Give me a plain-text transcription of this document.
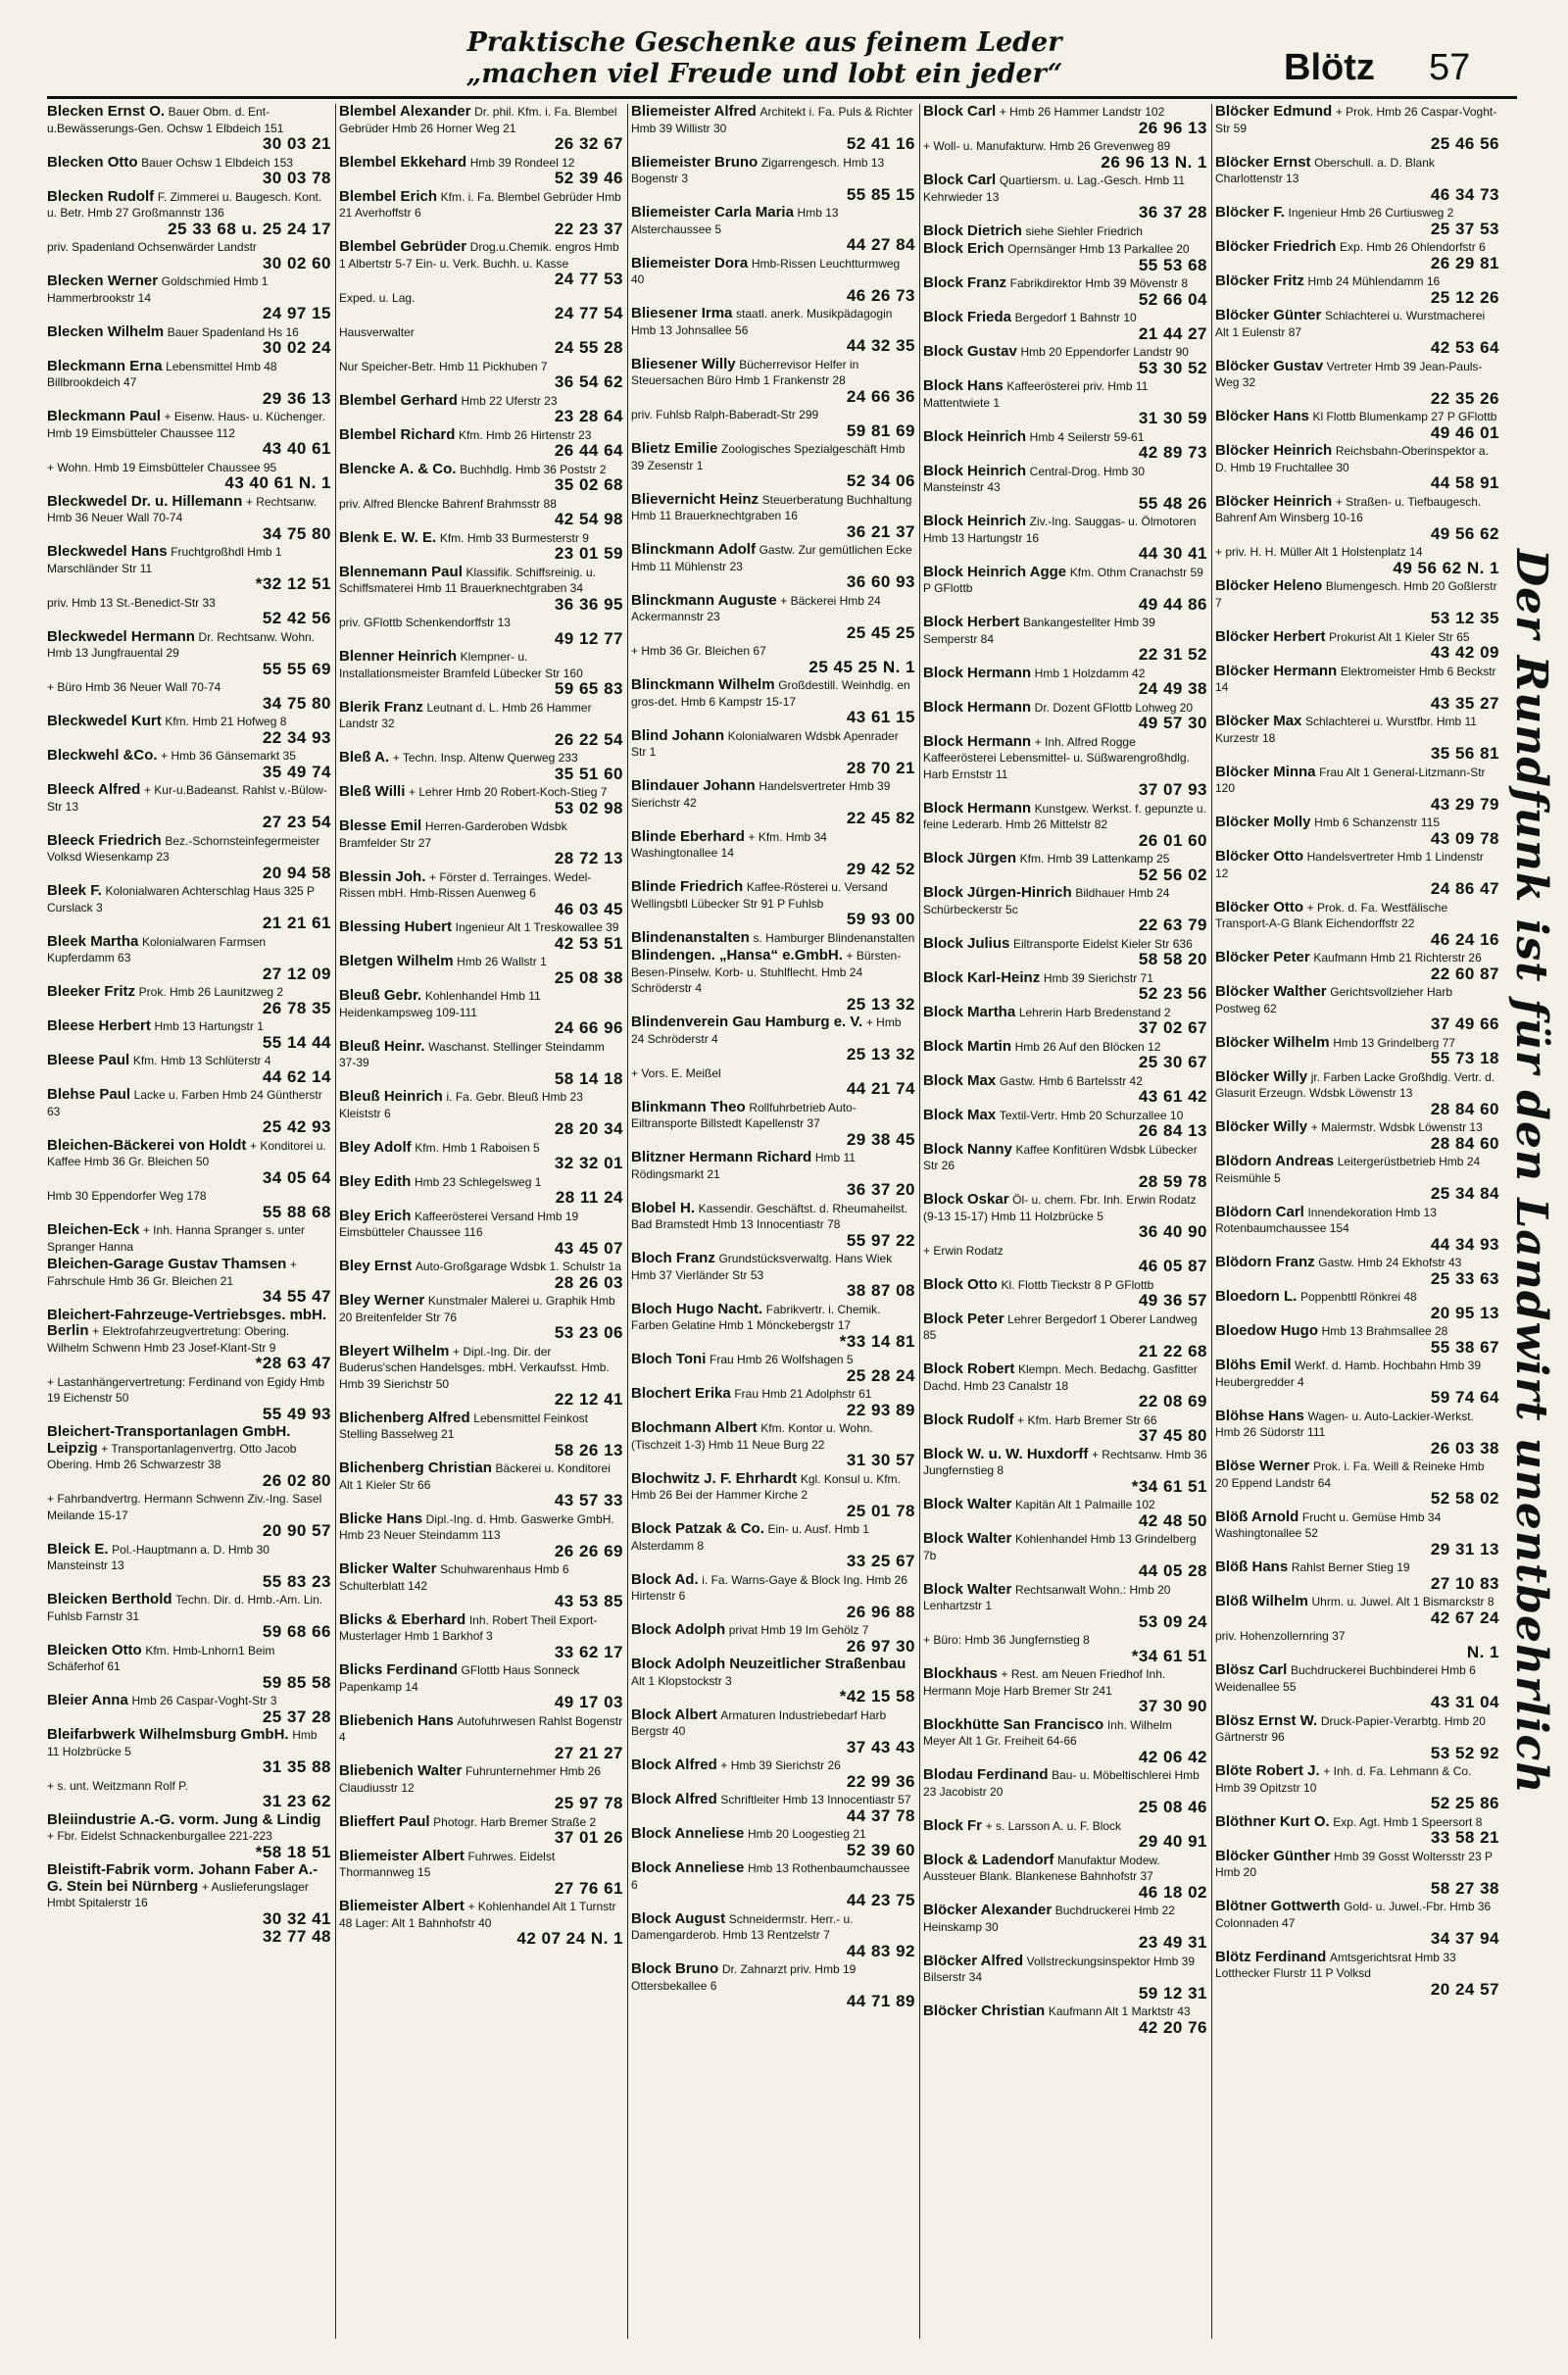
Praktische Geschenke aus feinem Leder
„machen viel Freude und lobt ein jeder“	Blötz 57
Blecken Ernst O. Bauer Obm. d. Ent-u.Bewässerungs-Gen. Ochsw 1 Elbdeich 151
30 03 21
Blecken Otto Bauer Ochsw 1 Elbdeich 153
30 03 78
Blecken Rudolf F. Zimmerei u. Baugesch. Kont. u. Betr. Hmb 27 Großmannstr 136
25 33 68 u. 25 24 17
priv. Spadenland Ochsenwärder Landstr
30 02 60
Blecken Werner Goldschmied Hmb 1 Hammerbrookstr 14
24 97 15
Blecken Wilhelm Bauer Spadenland Hs 16
30 02 24
Bleckmann Erna Lebensmittel Hmb 48 Billbrookdeich 47
29 36 13
Bleckmann Paul + Eisenw. Haus- u. Küchenger. Hmb 19 Eimsbütteler Chaussee 112
43 40 61
+ Wohn. Hmb 19 Eimsbütteler Chaussee 95
43 40 61 N. 1
Bleckwedel Dr. u. Hillemann + Rechtsanw. Hmb 36 Neuer Wall 70-74
34 75 80
Bleckwedel Hans Fruchtgroßhdl Hmb 1 Marschländer Str 11
*32 12 51
priv. Hmb 13 St.-Benedict-Str 33
52 42 56
Bleckwedel Hermann Dr. Rechtsanw. Wohn. Hmb 13 Jungfrauental 29
55 55 69
+ Büro Hmb 36 Neuer Wall 70-74
34 75 80
Bleckwedel Kurt Kfm. Hmb 21 Hofweg 8
22 34 93
Bleckwehl &Co. + Hmb 36 Gänsemarkt 35
35 49 74
Bleeck Alfred + Kur-u.Badeanst. Rahlst v.-Bülow-Str 13
27 23 54
Bleeck Friedrich Bez.-Schornsteinfegermeister Volksd Wiesenkamp 23
20 94 58
Bleek F. Kolonialwaren Achterschlag Haus 325 P Curslack 3
21 21 61
Bleek Martha Kolonialwaren Farmsen Kupferdamm 63
27 12 09
Bleeker Fritz Prok. Hmb 26 Launitzweg 2
26 78 35
Bleese Herbert Hmb 13 Hartungstr 1
55 14 44
Bleese Paul Kfm. Hmb 13 Schlüterstr 4
44 62 14
Blehse Paul Lacke u. Farben Hmb 24 Güntherstr 63
25 42 93
Bleichen-Bäckerei von Holdt + Konditorei u. Kaffee Hmb 36 Gr. Bleichen 50
34 05 64
Hmb 30 Eppendorfer Weg 178
55 88 68
Bleichen-Eck + Inh. Hanna Spranger s. unter Spranger Hanna
Bleichen-Garage Gustav Thamsen + Fahrschule Hmb 36 Gr. Bleichen 21
34 55 47
Bleichert-Fahrzeuge-Vertriebsges. mbH. Berlin + Elektrofahrzeugvertretung: Obering. Wilhelm Schwenn Hmb 23 Josef-Klant-Str 9
*28 63 47
+ Lastanhängervertretung: Ferdinand von Egidy Hmb 19 Eichenstr 50
55 49 93
Bleichert-Transportanlagen GmbH. Leipzig + Transportanlagenvertrg. Otto Jacob Obering. Hmb 26 Schwarzestr 38
26 02 80
+ Fahrbandvertrg. Hermann Schwenn Ziv.-Ing. Sasel Meilande 15-17
20 90 57
Bleick E. Pol.-Hauptmann a. D. Hmb 30 Mansteinstr 13
55 83 23
Bleicken Berthold Techn. Dir. d. Hmb.-Am. Lin. Fuhlsb Farnstr 31
59 68 66
Bleicken Otto Kfm. Hmb-Lnhorn1 Beim Schäferhof 61
59 85 58
Bleier Anna Hmb 26 Caspar-Voght-Str 3
25 37 28
Bleifarbwerk Wilhelmsburg GmbH. Hmb 11 Holzbrücke 5
31 35 88
+ s. unt. Weitzmann Rolf P.
31 23 62
Bleiindustrie A.-G. vorm. Jung & Lindig + Fbr. Eidelst Schnackenburgallee 221-223
*58 18 51
Bleistift-Fabrik vorm. Johann Faber A.-G. Stein bei Nürnberg + Auslieferungslager Hmbt Spitalerstr 16
30 32 41
32 77 48
Blembel Alexander Dr. phil. Kfm. i. Fa. Blembel Gebrüder Hmb 26 Horner Weg 21
26 32 67
Blembel Ekkehard Hmb 39 Rondeel 12
52 39 46
Blembel Erich Kfm. i. Fa. Blembel Gebrüder Hmb 21 Averhoffstr 6
22 23 37
Blembel Gebrüder Drog.u.Chemik. engros Hmb 1 Albertstr 5-7 Ein- u. Verk. Buchh. u. Kasse
24 77 53
Exped. u. Lag.
24 77 54
Hausverwalter
24 55 28
Nur Speicher-Betr. Hmb 11 Pickhuben 7
36 54 62
Blembel Gerhard Hmb 22 Uferstr 23
23 28 64
Blembel Richard Kfm. Hmb 26 Hirtenstr 23
26 44 64
Blencke A. & Co. Buchhdlg. Hmb 36 Poststr 2
35 02 68
priv. Alfred Blencke Bahrenf Brahmsstr 88
42 54 98
Blenk E. W. E. Kfm. Hmb 33 Burmesterstr 9
23 01 59
Blennemann Paul Klassifik. Schiffsreinig. u. Schiffsmaterei Hmb 11 Brauerknechtgraben 34
36 36 95
priv. GFlottb Schenkendorffstr 13
49 12 77
Blenner Heinrich Klempner- u. Installationsmeister Bramfeld Lübecker Str 160
59 65 83
Blerik Franz Leutnant d. L. Hmb 26 Hammer Landstr 32
26 22 54
Bleß A. + Techn. Insp. Altenw Querweg 233
35 51 60
Bleß Willi + Lehrer Hmb 20 Robert-Koch-Stieg 7
53 02 98
Blesse Emil Herren-Garderoben Wdsbk Bramfelder Str 27
28 72 13
Blessin Joh. + Förster d. Terrainges. Wedel-Rissen mbH. Hmb-Rissen Auenweg 6
46 03 45
Blessing Hubert Ingenieur Alt 1 Treskowallee 39
42 53 51
Bletgen Wilhelm Hmb 26 Wallstr 1
25 08 38
Bleuß Gebr. Kohlenhandel Hmb 11 Heidenkampsweg 109-111
24 66 96
Bleuß Heinr. Waschanst. Stellinger Steindamm 37-39
58 14 18
Bleuß Heinrich i. Fa. Gebr. Bleuß Hmb 23 Kleiststr 6
28 20 34
Bley Adolf Kfm. Hmb 1 Raboisen 5
32 32 01
Bley Edith Hmb 23 Schlegelsweg 1
28 11 24
Bley Erich Kaffeerösterei Versand Hmb 19 Eimsbütteler Chaussee 116
43 45 07
Bley Ernst Auto-Großgarage Wdsbk 1. Schulstr 1a
28 26 03
Bley Werner Kunstmaler Malerei u. Graphik Hmb 20 Breitenfelder Str 76
53 23 06
Bleyert Wilhelm + Dipl.-Ing. Dir. der Buderus'schen Handelsges. mbH. Verkaufsst. Hmb. Hmb 39 Sierichstr 50
22 12 41
Blichenberg Alfred Lebensmittel Feinkost Stelling Basselweg 21
58 26 13
Blichenberg Christian Bäckerei u. Konditorei Alt 1 Kieler Str 66
43 57 33
Blicke Hans Dipl.-Ing. d. Hmb. Gaswerke GmbH. Hmb 23 Neuer Steindamm 113
26 26 69
Blicker Walter Schuhwarenhaus Hmb 6 Schulterblatt 142
43 53 85
Blicks & Eberhard Inh. Robert Theil Export-Musterlager Hmb 1 Barkhof 3
33 62 17
Blicks Ferdinand GFlottb Haus Sonneck Papenkamp 14
49 17 03
Bliebenich Hans Autofuhrwesen Rahlst Bogenstr 4
27 21 27
Bliebenich Walter Fuhrunternehmer Hmb 26 Claudiusstr 12
25 97 78
Blieffert Paul Photogr. Harb Bremer Straße 2
37 01 26
Bliemeister Albert Fuhrwes. Eidelst Thormannweg 15
27 76 61
Bliemeister Albert + Kohlenhandel Alt 1 Turnstr 48 Lager: Alt 1 Bahnhofstr 40
42 07 24 N. 1
Bliemeister Alfred Architekt i. Fa. Puls & Richter Hmb 39 Willistr 30
52 41 16
Bliemeister Bruno Zigarrengesch. Hmb 13 Bogenstr 3
55 85 15
Bliemeister Carla Maria Hmb 13 Alsterchaussee 5
44 27 84
Bliemeister Dora Hmb-Rissen Leuchtturmweg 40
46 26 73
Bliesener Irma staatl. anerk. Musikpädagogin Hmb 13 Johnsallee 56
44 32 35
Bliesener Willy Bücherrevisor Helfer in Steuersachen Büro Hmb 1 Frankenstr 28
24 66 36
priv. Fuhlsb Ralph-Baberadt-Str 299
59 81 69
Blietz Emilie Zoologisches Spezialgeschäft Hmb 39 Zesenstr 1
52 34 06
Blievernicht Heinz Steuerberatung Buchhaltung Hmb 11 Brauerknechtgraben 16
36 21 37
Blinckmann Adolf Gastw. Zur gemütlichen Ecke Hmb 11 Mühlenstr 23
36 60 93
Blinckmann Auguste + Bäckerei Hmb 24 Ackermannstr 23
25 45 25
+ Hmb 36 Gr. Bleichen 67
25 45 25 N. 1
Blinckmann Wilhelm Großdestill. Weinhdlg. en gros-det. Hmb 6 Kampstr 15-17
43 61 15
Blind Johann Kolonialwaren Wdsbk Apenrader Str 1
28 70 21
Blindauer Johann Handelsvertreter Hmb 39 Sierichstr 42
22 45 82
Blinde Eberhard + Kfm. Hmb 34 Washingtonallee 14
29 42 52
Blinde Friedrich Kaffee-Rösterei u. Versand Wellingsbtl Lübecker Str 91 P Fuhlsb
59 93 00
Blindenanstalten s. Hamburger Blindenanstalten
Blindengen. „Hansa“ e.GmbH. + Bürsten-Besen-Pinselw. Korb- u. Stuhlflecht. Hmb 24 Schröderstr 4
25 13 32
Blindenverein Gau Hamburg e. V. + Hmb 24 Schröderstr 4
25 13 32
+ Vors. E. Meißel
44 21 74
Blinkmann Theo Rollfuhrbetrieb Auto-Eiltransporte Billstedt Kapellenstr 37
29 38 45
Blitzner Hermann Richard Hmb 11 Rödingsmarkt 21
36 37 20
Blobel H. Kassendir. Geschäftst. d. Rheumaheilst. Bad Bramstedt Hmb 13 Innocentiastr 78
55 97 22
Bloch Franz Grundstücksverwaltg. Hans Wiek Hmb 37 Vierländer Str 53
38 87 08
Bloch Hugo Nacht. Fabrikvertr. i. Chemik. Farben Gelatine Hmb 1 Mönckebergstr 17
*33 14 81
Bloch Toni Frau Hmb 26 Wolfshagen 5
25 28 24
Blochert Erika Frau Hmb 21 Adolphstr 61
22 93 89
Blochmann Albert Kfm. Kontor u. Wohn. (Tischzeit 1-3) Hmb 11 Neue Burg 22
31 30 57
Blochwitz J. F. Ehrhardt Kgl. Konsul u. Kfm. Hmb 26 Bei der Hammer Kirche 2
25 01 78
Block Patzak & Co. Ein- u. Ausf. Hmb 1 Alsterdamm 8
33 25 67
Block Ad. i. Fa. Warns-Gaye & Block Ing. Hmb 26 Hirtenstr 6
26 96 88
Block Adolph privat Hmb 19 Im Gehölz 7
26 97 30
Block Adolph Neuzeitlicher Straßenbau Alt 1 Klopstockstr 3
*42 15 58
Block Albert Armaturen Industriebedarf Harb Bergstr 40
37 43 43
Block Alfred + Hmb 39 Sierichstr 26
22 99 36
Block Alfred Schriftleiter Hmb 13 Innocentiastr 57
44 37 78
Block Anneliese Hmb 20 Loogestieg 21
52 39 60
Block Anneliese Hmb 13 Rothenbaumchaussee 6
44 23 75
Block August Schneidermstr. Herr.- u. Damengarderob. Hmb 13 Rentzelstr 7
44 83 92
Block Bruno Dr. Zahnarzt priv. Hmb 19 Ottersbekallee 6
44 71 89
Block Carl + Hmb 26 Hammer Landstr 102
26 96 13
+ Woll- u. Manufakturw. Hmb 26 Grevenweg 89
26 96 13 N. 1
Block Carl Quartiersm. u. Lag.-Gesch. Hmb 11 Kehrwieder 13
36 37 28
Block Dietrich siehe Siehler Friedrich
Block Erich Opernsänger Hmb 13 Parkallee 20
55 53 68
Block Franz Fabrikdirektor Hmb 39 Mövenstr 8
52 66 04
Block Frieda Bergedorf 1 Bahnstr 10
21 44 27
Block Gustav Hmb 20 Eppendorfer Landstr 90
53 30 52
Block Hans Kaffeerösterei priv. Hmb 11 Mattentwiete 1
31 30 59
Block Heinrich Hmb 4 Seilerstr 59-61
42 89 73
Block Heinrich Central-Drog. Hmb 30 Mansteinstr 43
55 48 26
Block Heinrich Ziv.-Ing. Sauggas- u. Ölmotoren Hmb 13 Hartungstr 16
44 30 41
Block Heinrich Agge Kfm. Othm Cranachstr 59 P GFlottb
49 44 86
Block Herbert Bankangestellter Hmb 39 Semperstr 84
22 31 52
Block Hermann Hmb 1 Holzdamm 42
24 49 38
Block Hermann Dr. Dozent GFlottb Lohweg 20
49 57 30
Block Hermann + Inh. Alfred Rogge Kaffeerösterei Lebensmittel- u. Süßwarengroßhdlg. Harb Ernststr 11
37 07 93
Block Hermann Kunstgew. Werkst. f. gepunzte u. feine Lederarb. Hmb 26 Mittelstr 82
26 01 60
Block Jürgen Kfm. Hmb 39 Lattenkamp 25
52 56 02
Block Jürgen-Hinrich Bildhauer Hmb 24 Schürbeckerstr 5c
22 63 79
Block Julius Eiltransporte Eidelst Kieler Str 636
58 58 20
Block Karl-Heinz Hmb 39 Sierichstr 71
52 23 56
Block Martha Lehrerin Harb Bredenstand 2
37 02 67
Block Martin Hmb 26 Auf den Blöcken 12
25 30 67
Block Max Gastw. Hmb 6 Bartelsstr 42
43 61 42
Block Max Textil-Vertr. Hmb 20 Schurzallee 10
26 84 13
Block Nanny Kaffee Konfitüren Wdsbk Lübecker Str 26
28 59 78
Block Oskar Öl- u. chem. Fbr. Inh. Erwin Rodatz (9-13 15-17) Hmb 11 Holzbrücke 5
36 40 90
+ Erwin Rodatz
46 05 87
Block Otto Kl. Flottb Tieckstr 8 P GFlottb
49 36 57
Block Peter Lehrer Bergedorf 1 Oberer Landweg 85
21 22 68
Block Robert Klempn. Mech. Bedachg. Gasfitter Dachd. Hmb 23 Canalstr 18
22 08 69
Block Rudolf + Kfm. Harb Bremer Str 66
37 45 80
Block W. u. W. Huxdorff + Rechtsanw. Hmb 36 Jungfernstieg 8
*34 61 51
Block Walter Kapitän Alt 1 Palmaille 102
42 48 50
Block Walter Kohlenhandel Hmb 13 Grindelberg 7b
44 05 28
Block Walter Rechtsanwalt Wohn.: Hmb 20 Lenhartzstr 1
53 09 24
+ Büro: Hmb 36 Jungfernstieg 8
*34 61 51
Blockhaus + Rest. am Neuen Friedhof Inh. Hermann Moje Harb Bremer Str 241
37 30 90
Blockhütte San Francisco Inh. Wilhelm Meyer Alt 1 Gr. Freiheit 64-66
42 06 42
Blodau Ferdinand Bau- u. Möbeltischlerei Hmb 23 Jacobistr 20
25 08 46
Block Fr + s. Larsson A. u. F. Block
29 40 91
Block & Ladendorf Manufaktur Modew. Aussteuer Blank. Blankenese Bahnhofstr 37
46 18 02
Blöcker Alexander Buchdruckerei Hmb 22 Heinskamp 30
23 49 31
Blöcker Alfred Vollstreckungsinspektor Hmb 39 Bilserstr 34
59 12 31
Blöcker Christian Kaufmann Alt 1 Marktstr 43
42 20 76
Blöcker Edmund + Prok. Hmb 26 Caspar-Voght-Str 59
25 46 56
Blöcker Ernst Oberschull. a. D. Blank Charlottenstr 13
46 34 73
Blöcker F. Ingenieur Hmb 26 Curtiusweg 2
25 37 53
Blöcker Friedrich Exp. Hmb 26 Ohlendorfstr 6
26 29 81
Blöcker Fritz Hmb 24 Mühlendamm 16
25 12 26
Blöcker Günter Schlachterei u. Wurstmacherei Alt 1 Eulenstr 87
42 53 64
Blöcker Gustav Vertreter Hmb 39 Jean-Pauls-Weg 32
22 35 26
Blöcker Hans Kl Flottb Blumenkamp 27 P GFlottb
49 46 01
Blöcker Heinrich Reichsbahn-Oberinspektor a. D. Hmb 19 Fruchtallee 30
44 58 91
Blöcker Heinrich + Straßen- u. Tiefbaugesch. Bahrenf Am Winsberg 10-16
49 56 62
+ priv. H. H. Müller Alt 1 Holstenplatz 14
49 56 62 N. 1
Blöcker Heleno Blumengesch. Hmb 20 Goßlerstr 7
53 12 35
Blöcker Herbert Prokurist Alt 1 Kieler Str 65
43 42 09
Blöcker Hermann Elektromeister Hmb 6 Beckstr 14
43 35 27
Blöcker Max Schlachterei u. Wurstfbr. Hmb 11 Kurzestr 18
35 56 81
Blöcker Minna Frau Alt 1 General-Litzmann-Str 120
43 29 79
Blöcker Molly Hmb 6 Schanzenstr 115
43 09 78
Blöcker Otto Handelsvertreter Hmb 1 Lindenstr 12
24 86 47
Blöcker Otto + Prok. d. Fa. Westfälische Transport-A-G Blank Eichendorffstr 22
46 24 16
Blöcker Peter Kaufmann Hmb 21 Richterstr 26
22 60 87
Blöcker Walther Gerichtsvollzieher Harb Postweg 62
37 49 66
Blöcker Wilhelm Hmb 13 Grindelberg 77
55 73 18
Blöcker Willy jr. Farben Lacke Großhdlg. Vertr. d. Glasurit Erzeugn. Wdsbk Löwenstr 13
28 84 60
Blöcker Willy + Malermstr. Wdsbk Löwenstr 13
28 84 60
Blödorn Andreas Leitergerüstbetrieb Hmb 24 Reismühle 5
25 34 84
Blödorn Carl Innendekoration Hmb 13 Rotenbaumchaussee 154
44 34 93
Blödorn Franz Gastw. Hmb 24 Ekhofstr 43
25 33 63
Bloedorn L. Poppenbttl Rönkrei 48
20 95 13
Bloedow Hugo Hmb 13 Brahmsallee 28
55 38 67
Blöhs Emil Werkf. d. Hamb. Hochbahn Hmb 39 Heubergredder 4
59 74 64
Blöhse Hans Wagen- u. Auto-Lackier-Werkst. Hmb 26 Südorstr 111
26 03 38
Blöse Werner Prok. i. Fa. Weill & Reineke Hmb 20 Eppend Landstr 64
52 58 02
Blöß Arnold Frucht u. Gemüse Hmb 34 Washingtonallee 52
29 31 13
Blöß Hans Rahlst Berner Stieg 19
27 10 83
Blöß Wilhelm Uhrm. u. Juwel. Alt 1 Bismarckstr 8
42 67 24
priv. Hohenzollernring 37
N. 1
Blösz Carl Buchdruckerei Buchbinderei Hmb 6 Weidenallee 55
43 31 04
Blösz Ernst W. Druck-Papier-Verarbtg. Hmb 20 Gärtnerstr 96
53 52 92
Blöte Robert J. + Inh. d. Fa. Lehmann & Co. Hmb 39 Opitzstr 10
52 25 86
Blöthner Kurt O. Exp. Agt. Hmb 1 Speersort 8
33 58 21
Blöcker Günther Hmb 39 Gosst Woltersstr 23 P Hmb 20
58 27 38
Blötner Gottwerth Gold- u. Juwel.-Fbr. Hmb 36 Colonnaden 47
34 37 94
Blötz Ferdinand Amtsgerichtsrat Hmb 33 Lotthecker Flurstr 11 P Volksd
20 24 57
Der Rundfunk ist für den Landwirt unentbehrlich
